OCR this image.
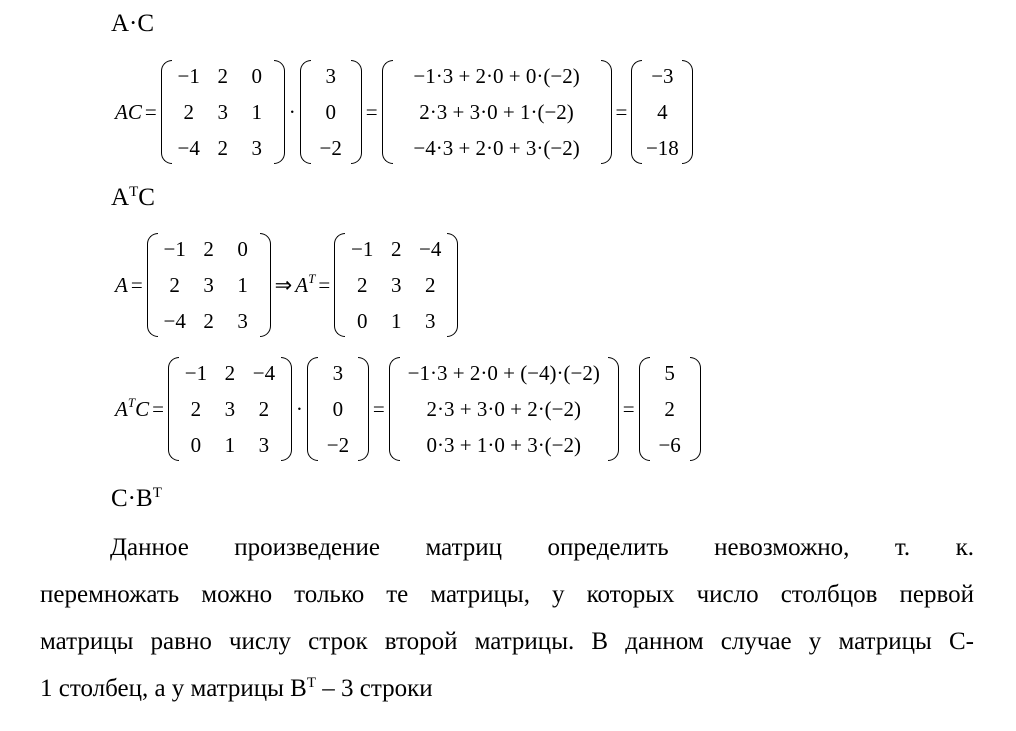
A·C
AC =
−1 2	0
2	3	1
−4 2	3
·
3
0
−2
=
−1·3 + 2·0 + 0·(−2)
2·3 + 3·0 + 1·(−2)
−4·3 + 2·0 + 3·(−2)
=
−3
4
−18
$A^TC$
A =
−1 2	0
2	3	1
−4 2	3
⇒ $A^T$ =
−1 2 −4
2	3	2
0	1	3
$A^TC$ =
−1 2 −4
2	3	2
0	1	3
·
3
0
−2
=
−1·3 + 2·0 + (−4)·(−2)
2·3 + 3·0 + 2·(−2)
0·3 + 1·0 + 3·(−2)
=
5
2
−6
$C\cdot B^T$
Данное произведение матриц определить невозможно, т. к.
перемножать можно только те матрицы, у которых число столбцов первой
матрицы равно числу строк второй матрицы. В данном случае у матрицы С-
1 столбец, а у матрицы $В^Т - 3$ строки
